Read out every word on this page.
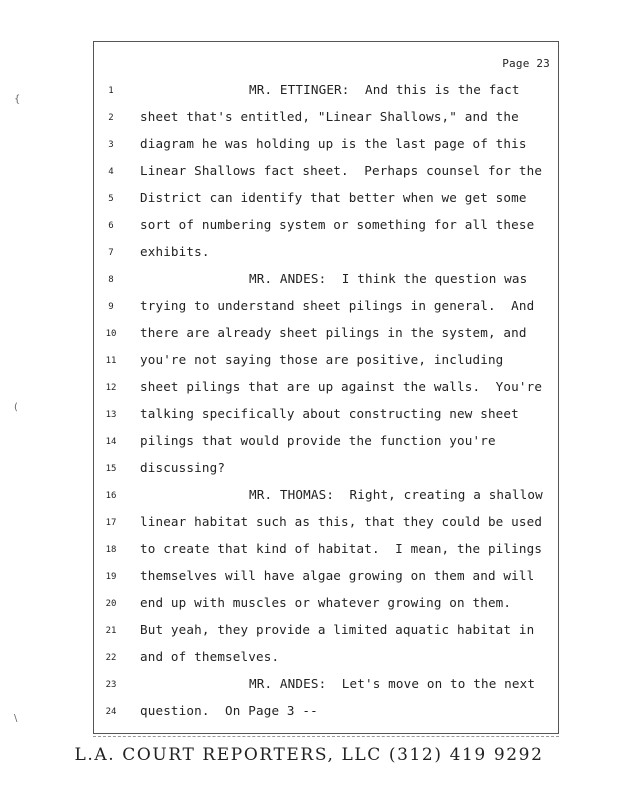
Page 23
1	MR. ETTINGER:  And this is the fact
2	sheet that's entitled, "Linear Shallows," and the
3	diagram he was holding up is the last page of this
4	Linear Shallows fact sheet.  Perhaps counsel for the
5	District can identify that better when we get some
6	sort of numbering system or something for all these
7	exhibits.
8	MR. ANDES:  I think the question was
9	trying to understand sheet pilings in general.  And
10 there are already sheet pilings in the system, and
11 you're not saying those are positive, including
12 sheet pilings that are up against the walls.  You're
13 talking specifically about constructing new sheet
14 pilings that would provide the function you're
15 discussing?
16	MR. THOMAS:  Right, creating a shallow
17 linear habitat such as this, that they could be used
18 to create that kind of habitat.  I mean, the pilings
19 themselves will have algae growing on them and will
20 end up with muscles or whatever growing on them.
21 But yeah, they provide a limited aquatic habitat in
22 and of themselves.
23	MR. ANDES:  Let's move on to the next
24 question.  On Page 3 --
{
(
\
L.A. COURT REPORTERS, LLC (312) 419 9292
